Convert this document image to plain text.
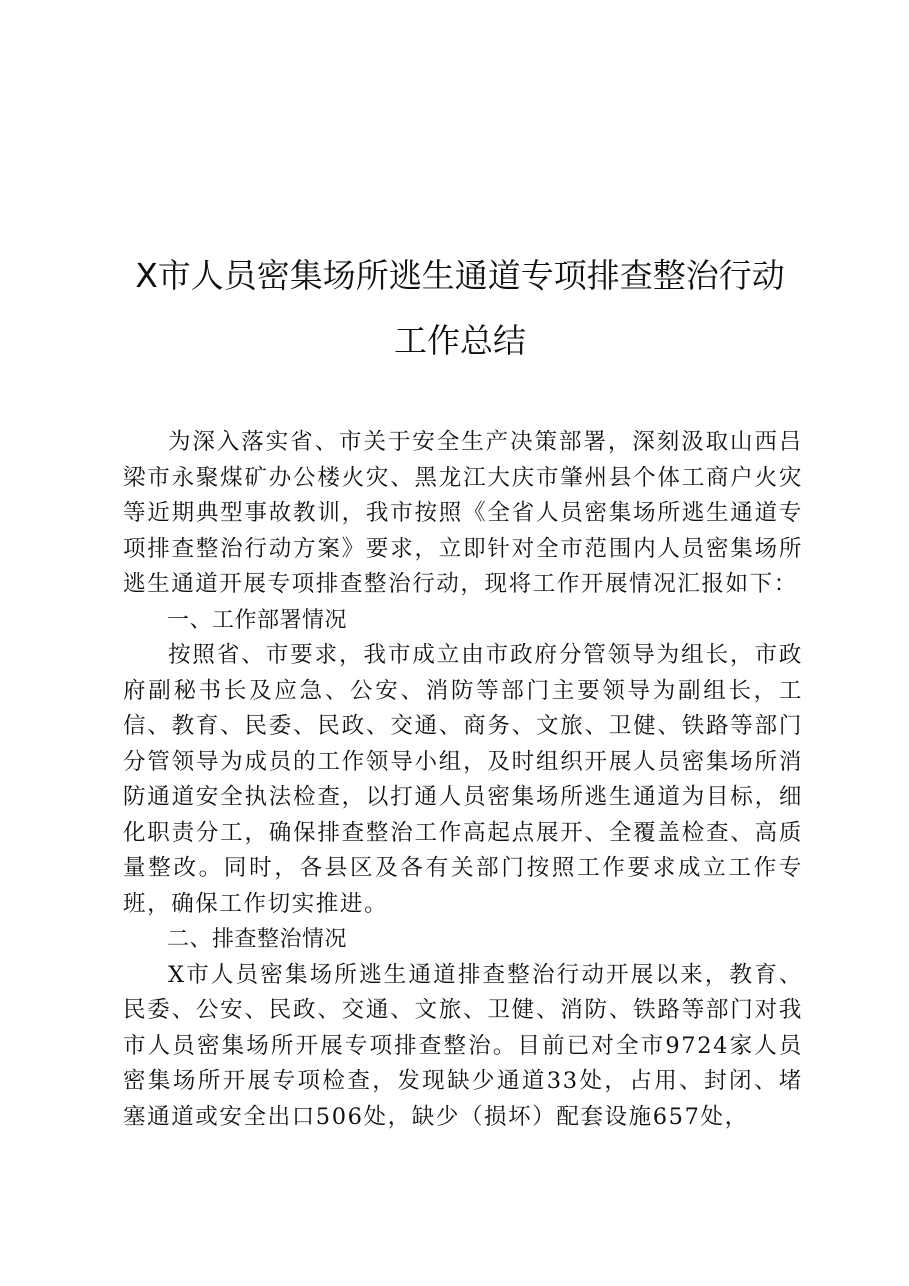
X市人员密集场所逃生通道专项排查整治行动
工作总结

为深入落实省、市关于安全生产决策部署，深刻汲取山西吕梁市永聚煤矿办公楼火灾、黑龙江大庆市肇州县个体工商户火灾等近期典型事故教训，我市按照《全省人员密集场所逃生通道专项排查整治行动方案》要求，立即针对全市范围内人员密集场所逃生通道开展专项排查整治行动，现将工作开展情况汇报如下：

一、工作部署情况

按照省、市要求，我市成立由市政府分管领导为组长，市政府副秘书长及应急、公安、消防等部门主要领导为副组长，工信、教育、民委、民政、交通、商务、文旅、卫健、铁路等部门分管领导为成员的工作领导小组，及时组织开展人员密集场所消防通道安全执法检查，以打通人员密集场所逃生通道为目标，细化职责分工，确保排查整治工作高起点展开、全覆盖检查、高质量整改。同时，各县区及各有关部门按照工作要求成立工作专班，确保工作切实推进。

二、排查整治情况

X市人员密集场所逃生通道排查整治行动开展以来，教育、民委、公安、民政、交通、文旅、卫健、消防、铁路等部门对我市人员密集场所开展专项排查整治。目前已对全市9724家人员密集场所开展专项检查，发现缺少通道33处，占用、封闭、堵塞通道或安全出口506处，缺少（损坏）配套设施657处，
